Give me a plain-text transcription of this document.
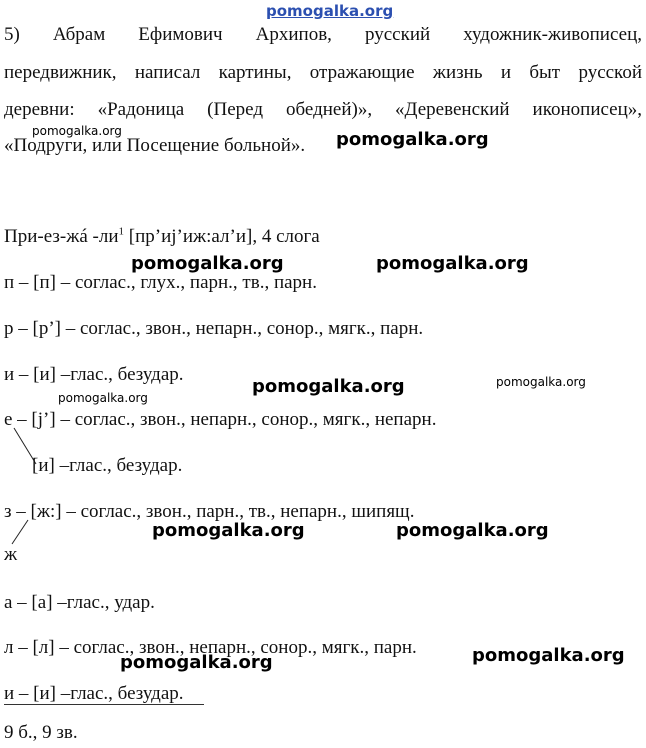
pomogalka.org
5) Абрам Ефимович Архипов, русский художник-живописец,
передвижник, написал картины, отражающие жизнь и быт русской
деревни: «Радоница (Перед обедней)», «Деревенский иконописец»,
«Подруги, или Посещение больной».
pomogalka.org	pomogalka.org
При-ез-жá $-ли^1$ [пр’иj’иж:ал’и], 4 слога
pomogalka.org	pomogalka.org
п – [п] – соглас., глух., парн., тв., парн.
р – [р’] – соглас., звон., непарн., сонор., мягк., парн.
и – [и] –глас., безудар.
pomogalka.org	pomogalka.org
pomogalka.org
е – [j’] – соглас., звон., непарн., сонор., мягк., непарн.
[и] –глас., безудар.
з – [ж:] – соглас., звон., парн., тв., непарн., шипящ.
pomogalka.org	pomogalka.org
ж
а – [а] –глас., удар.
л – [л] – соглас., звон., непарн., сонор., мягк., парн.
pomogalka.org	pomogalka.org
и – [и] –глас., безудар.
9 б., 9 зв.
